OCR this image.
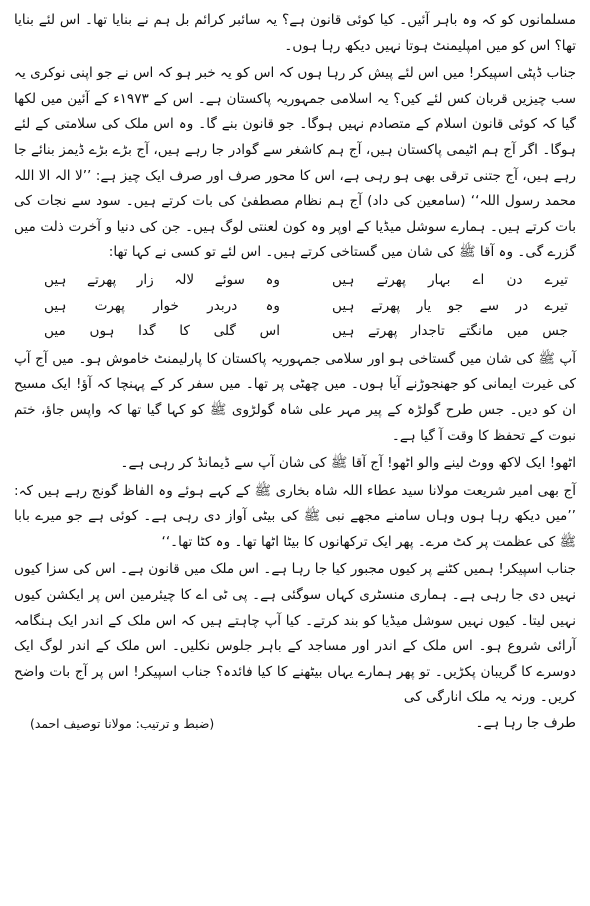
مسلمانوں کو کہ وہ باہر آئیں۔ کیا کوئی قانون ہے؟ یہ سائبر کرائم بل ہم نے بنایا تھا۔ اس لئے بنایا تھا؟ اس کو میں امپلیمنٹ ہوتا نہیں دیکھ رہا ہوں۔

جناب ڈپٹی اسپیکر! میں اس لئے پیش کر رہا ہوں کہ اس کو یہ خبر ہو کہ اس نے جو اپنی نوکری یہ سب چیزیں قربان کس لئے کیں؟ یہ اسلامی جمہوریہ پاکستان ہے۔ اس کے ۱۹۷۳ء کے آئین میں لکھا گیا کہ کوئی قانون اسلام کے متصادم نہیں ہوگا۔ جو قانون بنے گا۔ وہ اس ملک کی سلامتی کے لئے ہوگا۔ اگر آج ہم اٹیمی پاکستان ہیں، آج ہم کاشغر سے گوادر جا رہے ہیں، آج بڑے بڑے ڈیمز بنائے جا رہے ہیں، آج جتنی ترقی بھی ہو رہی ہے، اس کا محور صرف اور صرف ایک چیز ہے: ’’لا الہ الا اللہ محمد رسول اللہ‘‘ (سامعین کی داد) آج ہم نظام مصطفیٰ کی بات کرتے ہیں۔ سود سے نجات کی بات کرتے ہیں۔ ہمارے سوشل میڈیا کے اوپر وہ کون لعنتی لوگ ہیں۔ جن کی دنیا و آخرت ذلت میں گزرے گی۔ وہ آقا ﷺ کی شان میں گستاخی کرتے ہیں۔ اس لئے تو کسی نے کہا تھا:

تیرے دن اے بہار پھرتے ہیں
وہ سوئے لالہ زار پھرتے ہیں
تیرے در سے جو یار پھرتے ہیں
وہ دربدر خوار پھرت ہیں
جس میں مانگتے تاجدار پھرتے ہیں
اس گلی کا گدا ہوں میں

آپ ﷺ کی شان میں گستاخی ہو اور سلامی جمہوریہ پاکستان کا پارلیمنٹ خاموش ہو۔ میں آج آپ کی غیرت ایمانی کو جھنجوڑنے آیا ہوں۔ میں چھٹی پر تھا۔ میں سفر کر کے پہنچا کہ آؤ! ایک مسیح ان کو دیں۔ جس طرح گولڑہ کے پیر مہر علی شاہ گولڑوی ﷺ کو کہا گیا تھا کہ واپس جاؤ، ختم نبوت کے تحفظ کا وقت آ گیا ہے۔

اٹھو! ایک لاکھ ووٹ لینے والو اٹھو! آج آقا ﷺ کی شان آپ سے ڈیمانڈ کر رہی ہے۔

آج بھی امیر شریعت مولانا سید عطاء اللہ شاہ بخاری ﷺ کے کہے ہوئے وہ الفاظ گونج رہے ہیں کہ: ’’میں دیکھ رہا ہوں وہاں سامنے مجھے نبی ﷺ کی بیٹی آواز دی رہی ہے۔ کوئی ہے جو میرے بابا ﷺ کی عظمت پر کٹ مرے۔ پھر ایک ترکھانوں کا بیٹا اٹھا تھا۔ وہ کٹا تھا۔‘‘

جناب اسپیکر! ہمیں کٹنے پر کیوں مجبور کیا جا رہا ہے۔ اس ملک میں قانون ہے۔ اس کی سزا کیوں نہیں دی جا رہی ہے۔ ہماری منسٹری کہاں سوگئی ہے۔ پی ٹی اے کا چیئرمین اس پر ایکشن کیوں نہیں لیتا۔ کیوں نہیں سوشل میڈیا کو بند کرتے۔ کیا آپ چاہتے ہیں کہ اس ملک کے اندر ایک ہنگامہ آرائی شروع ہو۔ اس ملک کے اندر اور مساجد کے باہر جلوس نکلیں۔ اس ملک کے اندر لوگ ایک دوسرے کا گریبان پکڑیں۔ تو پھر ہمارے یہاں بیٹھنے کا کیا فائدہ؟ جناب اسپیکر! اس پر آج بات واضح کریں۔ ورنہ یہ ملک انارگی کی

طرف جا رہا ہے۔
(ضبط و ترتیب: مولانا توصیف احمد)
